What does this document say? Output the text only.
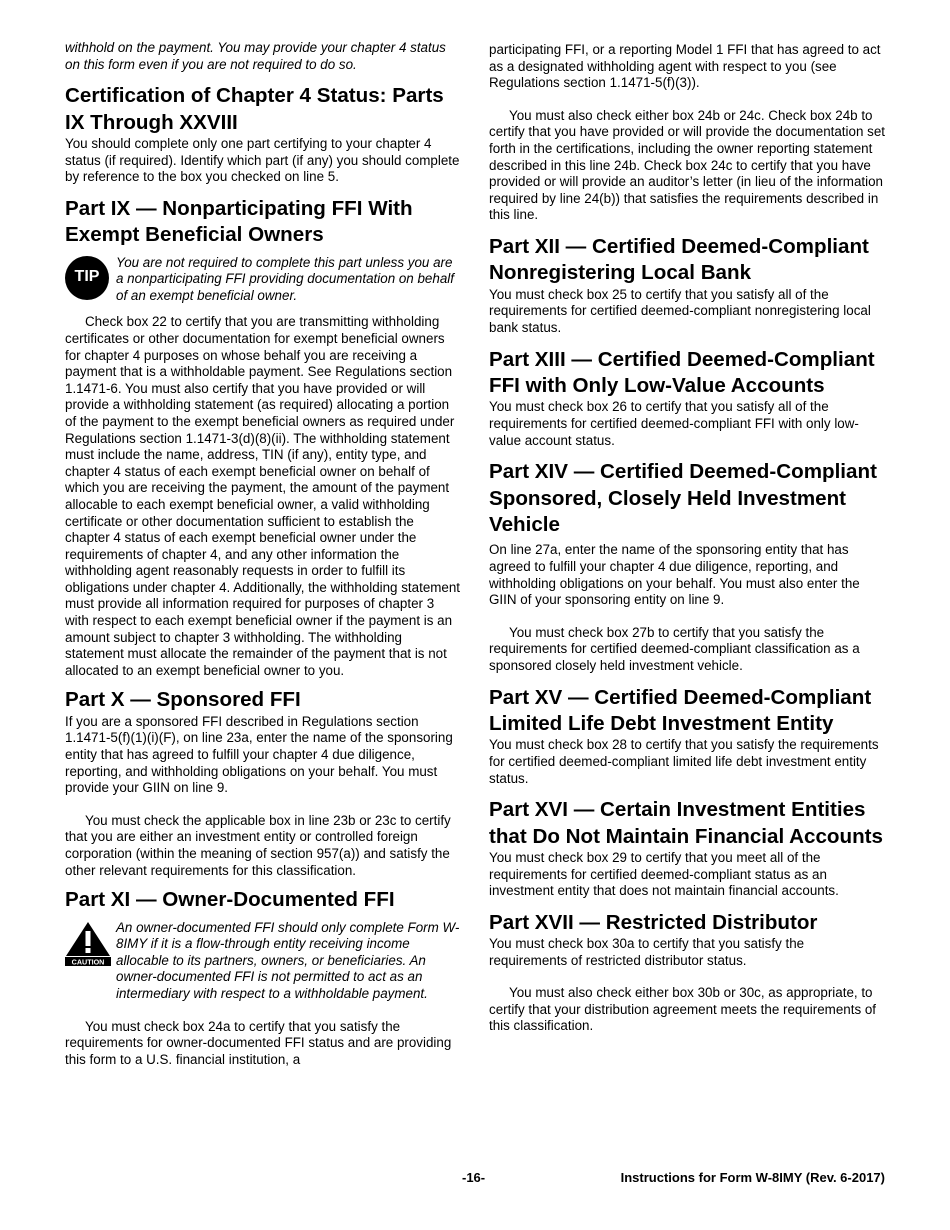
withhold on the payment. You may provide your chapter 4 status on this form even if you are not required to do so.

Certification of Chapter 4 Status: Parts IX Through XXVIII

You should complete only one part certifying to your chapter 4 status (if required). Identify which part (if any) you should complete by reference to the box you checked on line 5.

Part IX — Nonparticipating FFI With Exempt Beneficial Owners
TIP

You are not required to complete this part unless you are a nonparticipating FFI providing documentation on behalf of an exempt beneficial owner.

Check box 22 to certify that you are transmitting withholding certificates or other documentation for exempt beneficial owners for chapter 4 purposes on whose behalf you are receiving a payment that is a withholdable payment. See Regulations section 1.1471-6. You must also certify that you have provided or will provide a withholding statement (as required) allocating a portion of the payment to the exempt beneficial owners as required under Regulations section 1.1471-3(d)(8)(ii). The withholding statement must include the name, address, TIN (if any), entity type, and chapter 4 status of each exempt beneficial owner on behalf of which you are receiving the payment, the amount of the payment allocable to each exempt beneficial owner, a valid withholding certificate or other documentation sufficient to establish the chapter 4 status of each exempt beneficial owner under the requirements of chapter 4, and any other information the withholding agent reasonably requests in order to fulfill its obligations under chapter 4. Additionally, the withholding statement must provide all information required for purposes of chapter 3 with respect to each exempt beneficial owner if the payment is an amount subject to chapter 3 withholding. The withholding statement must allocate the remainder of the payment that is not allocated to an exempt beneficial owner to you.

Part X — Sponsored FFI

If you are a sponsored FFI described in Regulations section 1.1471-5(f)(1)(i)(F), on line 23a, enter the name of the sponsoring entity that has agreed to fulfill your chapter 4 due diligence, reporting, and withholding obligations on your behalf. You must provide your GIIN on line 9.

You must check the applicable box in line 23b or 23c to certify that you are either an investment entity or controlled foreign corporation (within the meaning of section 957(a)) and satisfy the other relevant requirements for this classification.

Part XI — Owner-Documented FFI
CAUTION

An owner-documented FFI should only complete Form W-8IMY if it is a flow-through entity receiving income allocable to its partners, owners, or beneficiaries. An owner-documented FFI is not permitted to act as an intermediary with respect to a withholdable payment.

You must check box 24a to certify that you satisfy the requirements for owner-documented FFI status and are providing this form to a U.S. financial institution, a

participating FFI, or a reporting Model 1 FFI that has agreed to act as a designated withholding agent with respect to you (see Regulations section 1.1471-5(f)(3)).

You must also check either box 24b or 24c. Check box 24b to certify that you have provided or will provide the documentation set forth in the certifications, including the owner reporting statement described in this line 24b. Check box 24c to certify that you have provided or will provide an auditor’s letter (in lieu of the information required by line 24(b)) that satisfies the requirements described in this line.

Part XII — Certified Deemed-Compliant Nonregistering Local Bank

You must check box 25 to certify that you satisfy all of the requirements for certified deemed-compliant nonregistering local bank status.

Part XIII — Certified Deemed-Compliant FFI with Only Low-Value Accounts

You must check box 26 to certify that you satisfy all of the requirements for certified deemed-compliant FFI with only low-value account status.

Part XIV — Certified Deemed-Compliant Sponsored, Closely Held Investment Vehicle

On line 27a, enter the name of the sponsoring entity that has agreed to fulfill your chapter 4 due diligence, reporting, and withholding obligations on your behalf. You must also enter the GIIN of your sponsoring entity on line 9.

You must check box 27b to certify that you satisfy the requirements for certified deemed-compliant classification as a sponsored closely held investment vehicle.

Part XV — Certified Deemed-Compliant Limited Life Debt Investment Entity

You must check box 28 to certify that you satisfy the requirements for certified deemed-compliant limited life debt investment entity status.

Part XVI — Certain Investment Entities that Do Not Maintain Financial Accounts

You must check box 29 to certify that you meet all of the requirements for certified deemed-compliant status as an investment entity that does not maintain financial accounts.

Part XVII — Restricted Distributor

You must check box 30a to certify that you satisfy the requirements of restricted distributor status.

You must also check either box 30b or 30c, as appropriate, to certify that your distribution agreement meets the requirements of this classification.

-16-	Instructions for Form W-8IMY (Rev. 6-2017)
